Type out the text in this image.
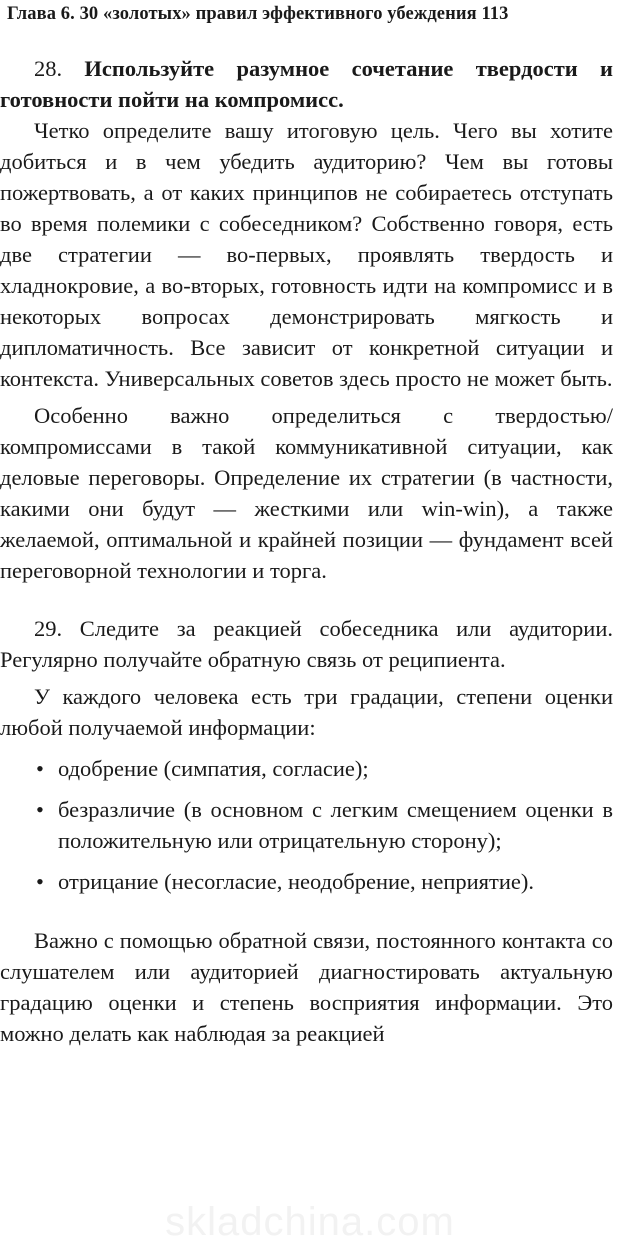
Глава 6. 30 «золотых» правил эффективного убеждения 113

28. Используйте разумное сочетание твердости и готовности пойти на компромисс.

Четко определите вашу итоговую цель. Чего вы хотите добиться и в чем убедить аудиторию? Чем вы готовы пожертвовать, а от каких принципов не собираетесь отступать во время полемики с собеседником? Собственно говоря, есть две стратегии — во-первых, проявлять твердость и хладнокровие, а во-вторых, готовность идти на компромисс и в некоторых вопросах демонстрировать мягкость и дипломатичность. Все зависит от конкретной ситуации и контекста. Универсальных советов здесь просто не может быть.

Особенно важно определиться с твердостью/компромиссами в такой коммуникативной ситуации, как деловые переговоры. Определение их стратегии (в частности, какими они будут — жесткими или win-win), а также желаемой, оптимальной и крайней позиции — фундамент всей переговорной технологии и торга.

29. Следите за реакцией собеседника или аудитории. Регулярно получайте обратную связь от реципиента.

У каждого человека есть три градации, степени оценки любой получаемой информации:

• одобрение (симпатия, согласие);
• безразличие (в основном с легким смещением оценки в положительную или отрицательную сторону);
• отрицание (несогласие, неодобрение, неприятие).

Важно с помощью обратной связи, постоянного контакта со слушателем или аудиторией диагностировать актуальную градацию оценки и степень восприятия информации. Это можно делать как наблюдая за реакцией

skladchina.com
